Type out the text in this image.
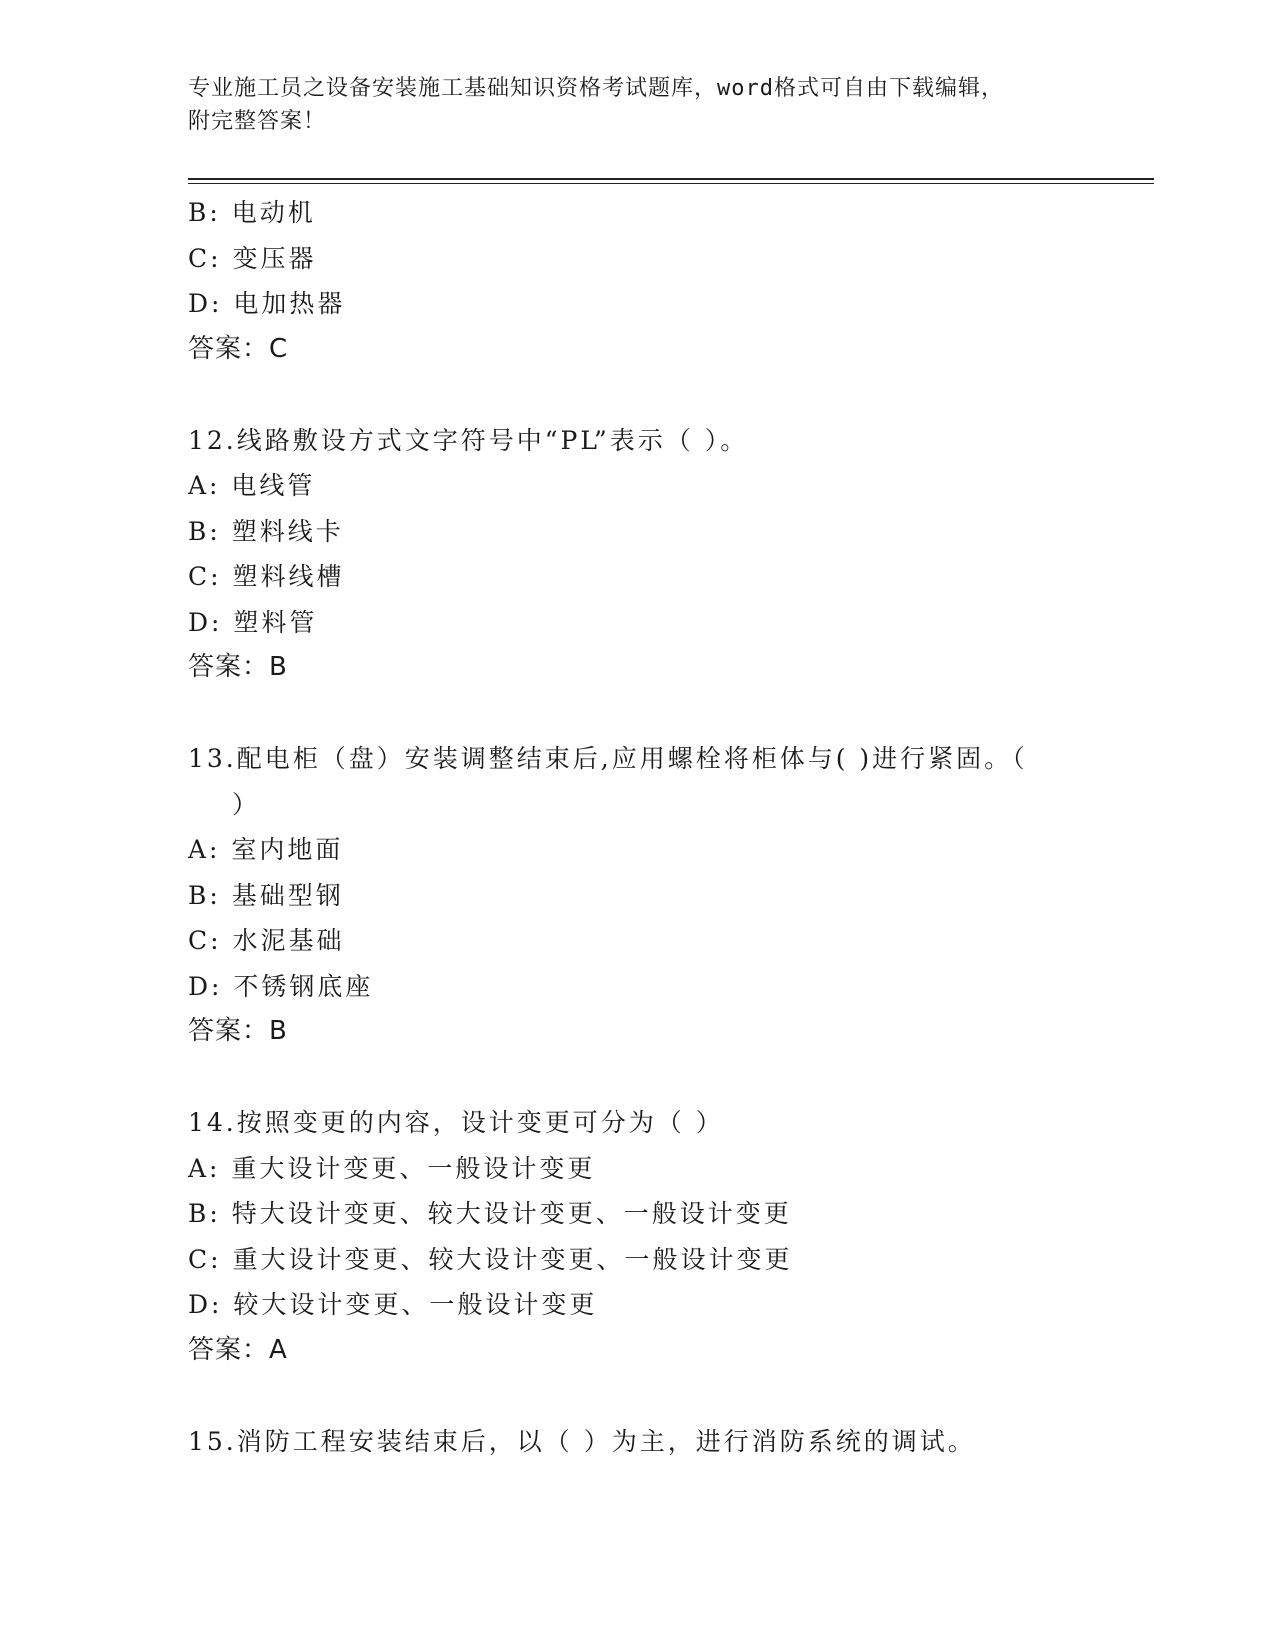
专业施工员之设备安装施工基础知识资格考试题库，word格式可自由下载编辑，
附完整答案！
B: 电动机
C: 变压器
D: 电加热器
答案：C
12.线路敷设方式文字符号中“PL”表示（ ）。
A: 电线管
B: 塑料线卡
C: 塑料线槽
D: 塑料管
答案：B
13.配电柜（盘）安装调整结束后,应用螺栓将柜体与( )进行紧固。（
）
A: 室内地面
B: 基础型钢
C: 水泥基础
D: 不锈钢底座
答案：B
14.按照变更的内容，设计变更可分为（ ）
A: 重大设计变更、一般设计变更
B: 特大设计变更、较大设计变更、一般设计变更
C: 重大设计变更、较大设计变更、一般设计变更
D: 较大设计变更、一般设计变更
答案：A
15.消防工程安装结束后，以（ ）为主，进行消防系统的调试。
